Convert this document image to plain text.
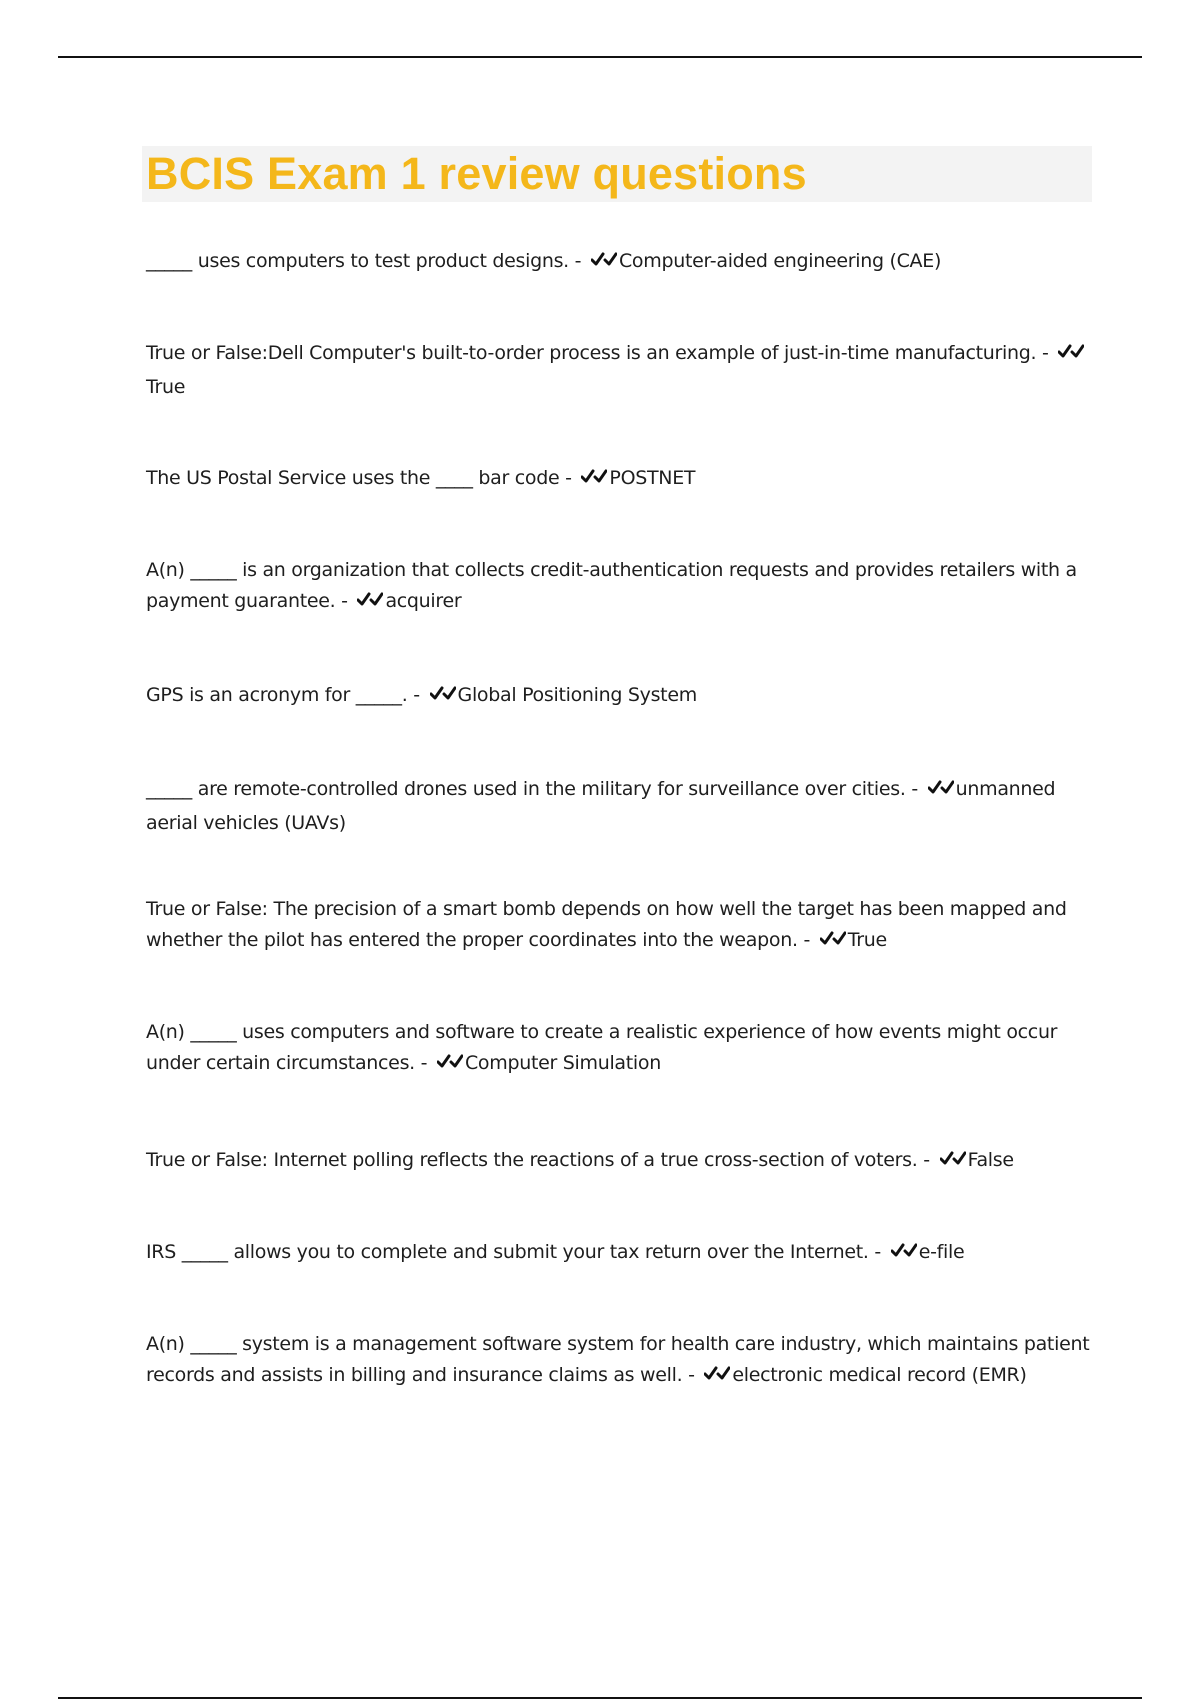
BCIS Exam 1 review questions
_____ uses computers to test product designs. - Computer-aided engineering (CAE)
True or False:Dell Computer's built-to-order process is an example of just-in-time manufacturing. - True
The US Postal Service uses the ____ bar code - POSTNET
A(n) _____ is an organization that collects credit-authentication requests and provides retailers with a payment guarantee. - acquirer
GPS is an acronym for _____. - Global Positioning System
_____ are remote-controlled drones used in the military for surveillance over cities. - unmanned aerial vehicles (UAVs)
True or False: The precision of a smart bomb depends on how well the target has been mapped and whether the pilot has entered the proper coordinates into the weapon. - True
A(n) _____ uses computers and software to create a realistic experience of how events might occur under certain circumstances. - Computer Simulation
True or False: Internet polling reflects the reactions of a true cross-section of voters. - False
IRS _____ allows you to complete and submit your tax return over the Internet. - e-file
A(n) _____ system is a management software system for health care industry, which maintains patient records and assists in billing and insurance claims as well. - electronic medical record (EMR)
